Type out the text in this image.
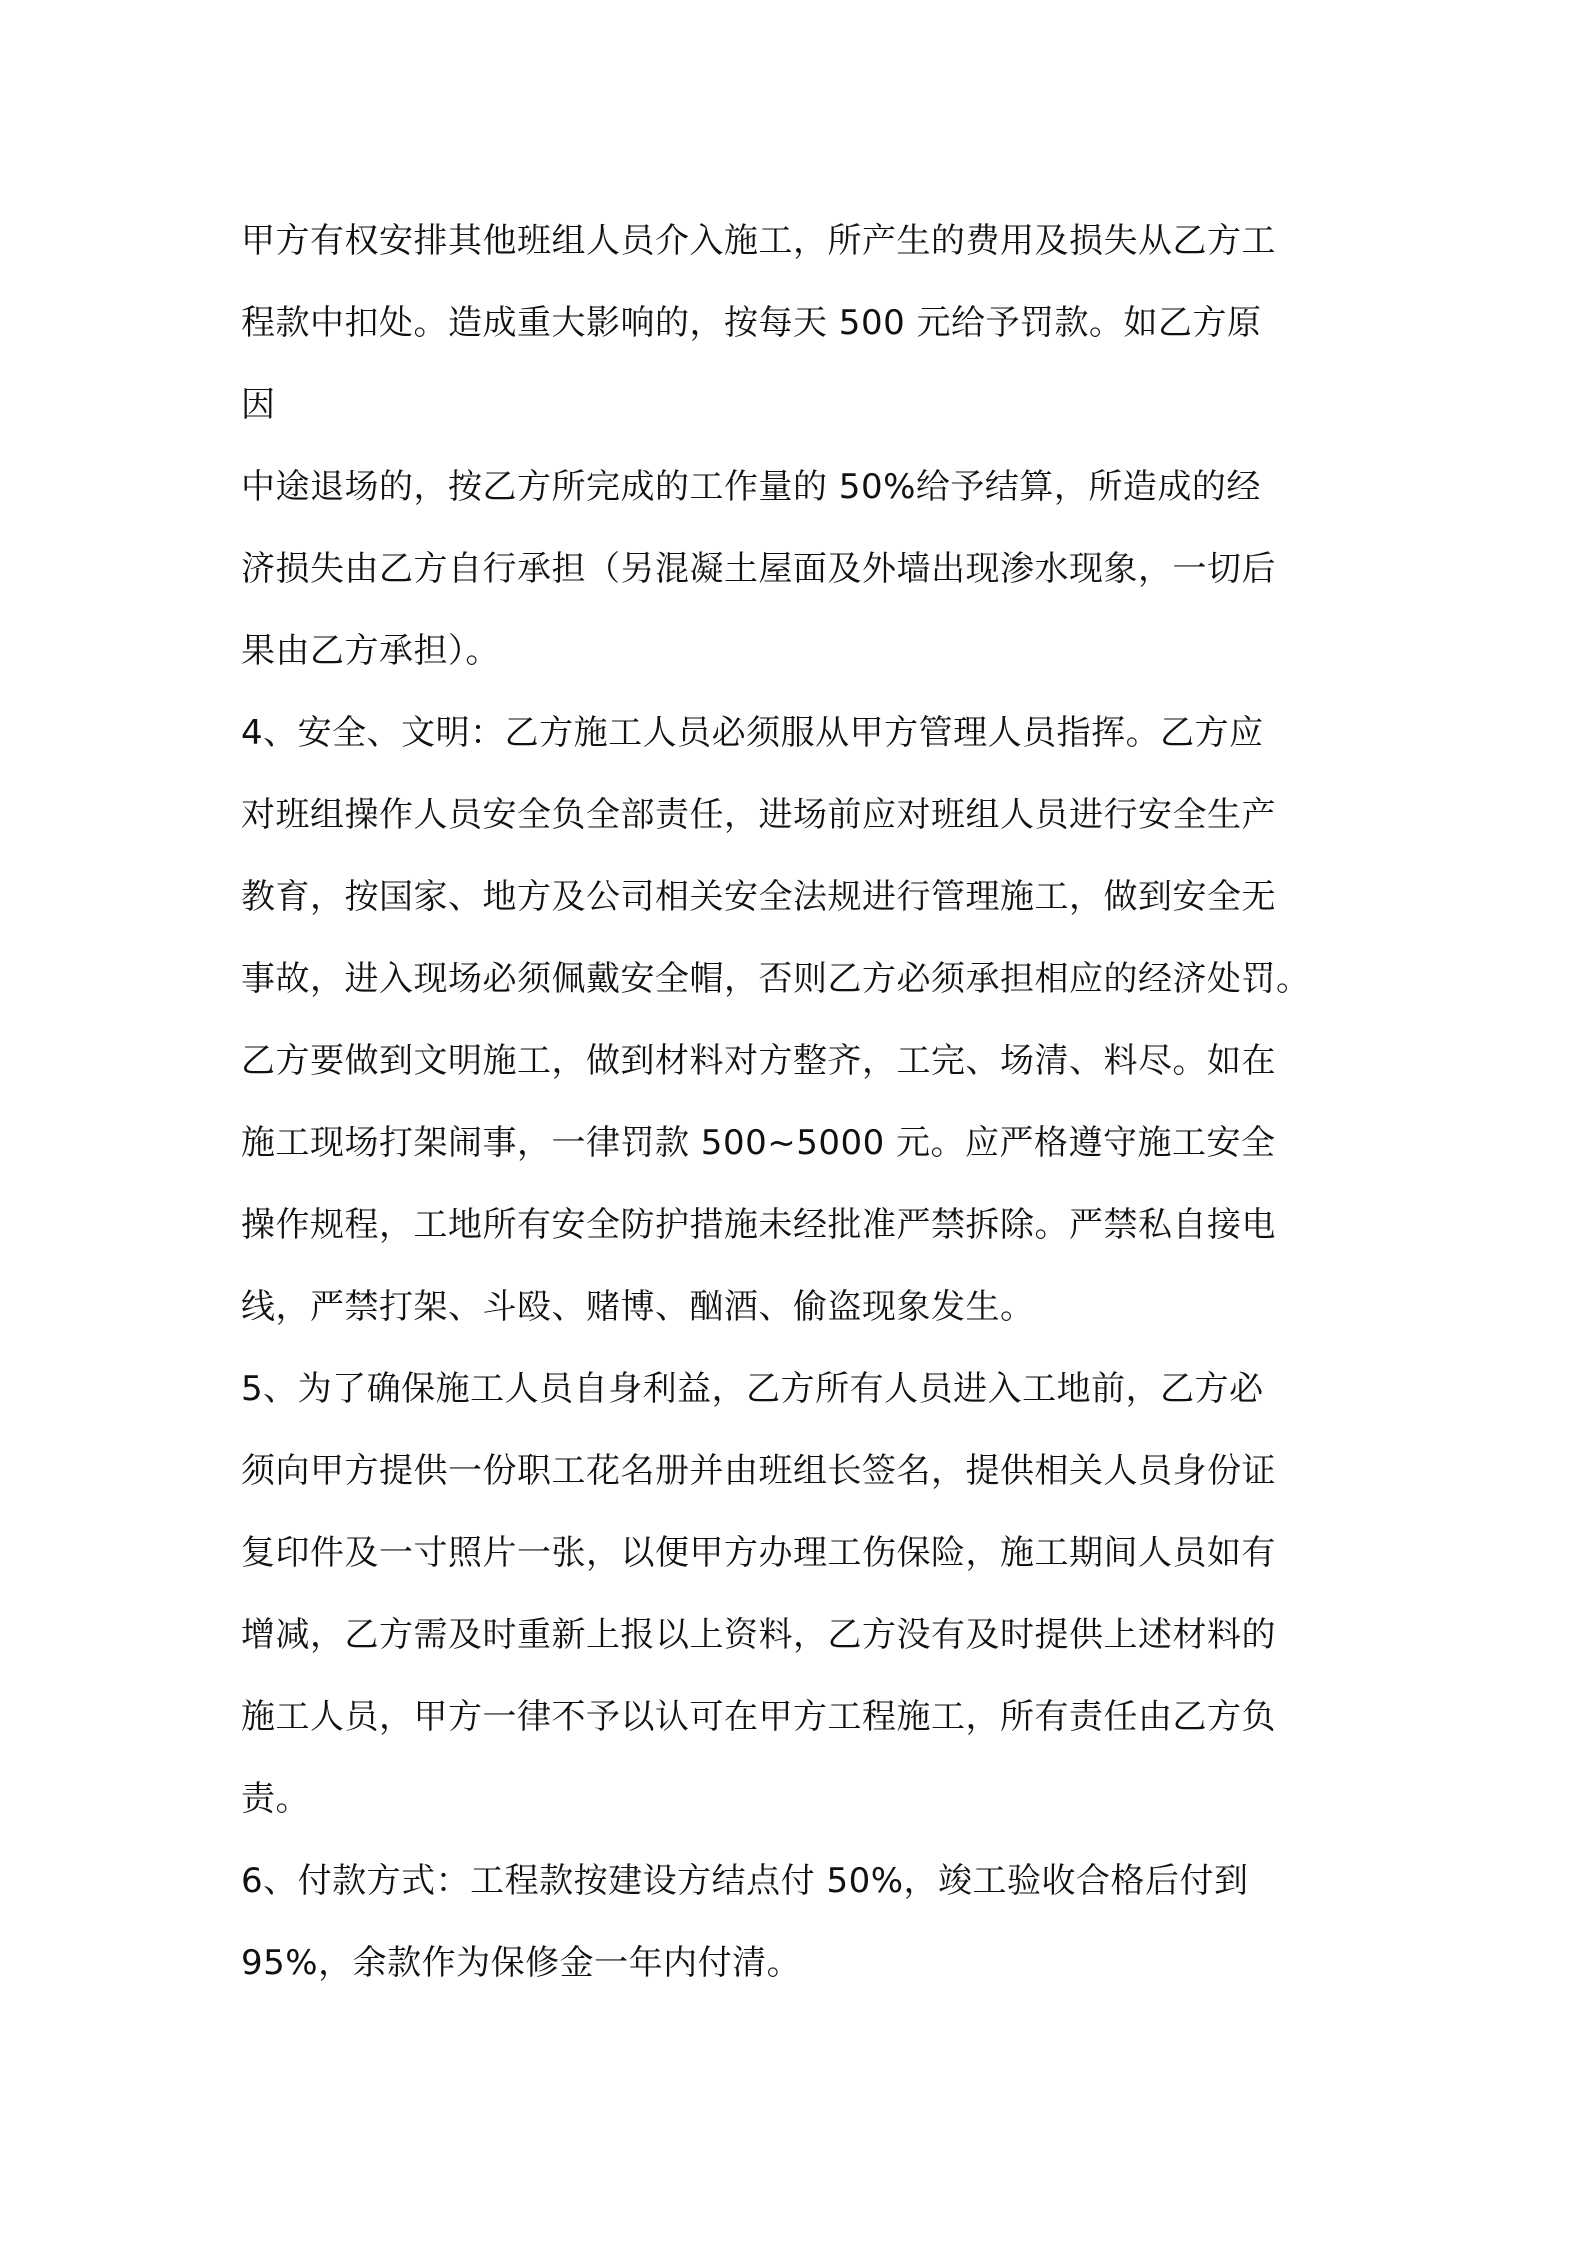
甲方有权安排其他班组人员介入施工，所产生的费用及损失从乙方工
程款中扣处。造成重大影响的，按每天 500 元给予罚款。如乙方原
因
中途退场的，按乙方所完成的工作量的 50%给予结算，所造成的经
济损失由乙方自行承担（另混凝土屋面及外墙出现渗水现象，一切后
果由乙方承担）。
4、安全、文明：乙方施工人员必须服从甲方管理人员指挥。乙方应
对班组操作人员安全负全部责任，进场前应对班组人员进行安全生产
教育，按国家、地方及公司相关安全法规进行管理施工，做到安全无
事故，进入现场必须佩戴安全帽，否则乙方必须承担相应的经济处罚。
乙方要做到文明施工，做到材料对方整齐，工完、场清、料尽。如在
施工现场打架闹事，一律罚款 500~5000 元。应严格遵守施工安全
操作规程，工地所有安全防护措施未经批准严禁拆除。严禁私自接电
线，严禁打架、斗殴、赌博、酗酒、偷盗现象发生。
5、为了确保施工人员自身利益，乙方所有人员进入工地前，乙方必
须向甲方提供一份职工花名册并由班组长签名，提供相关人员身份证
复印件及一寸照片一张，以便甲方办理工伤保险，施工期间人员如有
增减，乙方需及时重新上报以上资料，乙方没有及时提供上述材料的
施工人员，甲方一律不予以认可在甲方工程施工，所有责任由乙方负
责。
6、付款方式：工程款按建设方结点付 50%，竣工验收合格后付到
95%，余款作为保修金一年内付清。
